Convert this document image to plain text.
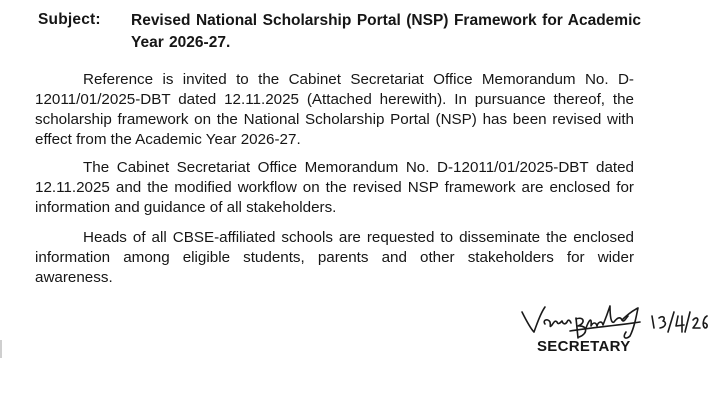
Subject: Revised National Scholarship Portal (NSP) Framework for Academic Year 2026-27.
Reference is invited to the Cabinet Secretariat Office Memorandum No. D-12011/01/2025-DBT dated 12.11.2025 (Attached herewith). In pursuance thereof, the scholarship framework on the National Scholarship Portal (NSP) has been revised with effect from the Academic Year 2026-27.
The Cabinet Secretariat Office Memorandum No. D-12011/01/2025-DBT dated 12.11.2025 and the modified workflow on the revised NSP framework are enclosed for information and guidance of all stakeholders.
Heads of all CBSE-affiliated schools are requested to disseminate the enclosed information among eligible students, parents and other stakeholders for wider awareness.
SECRETARY
